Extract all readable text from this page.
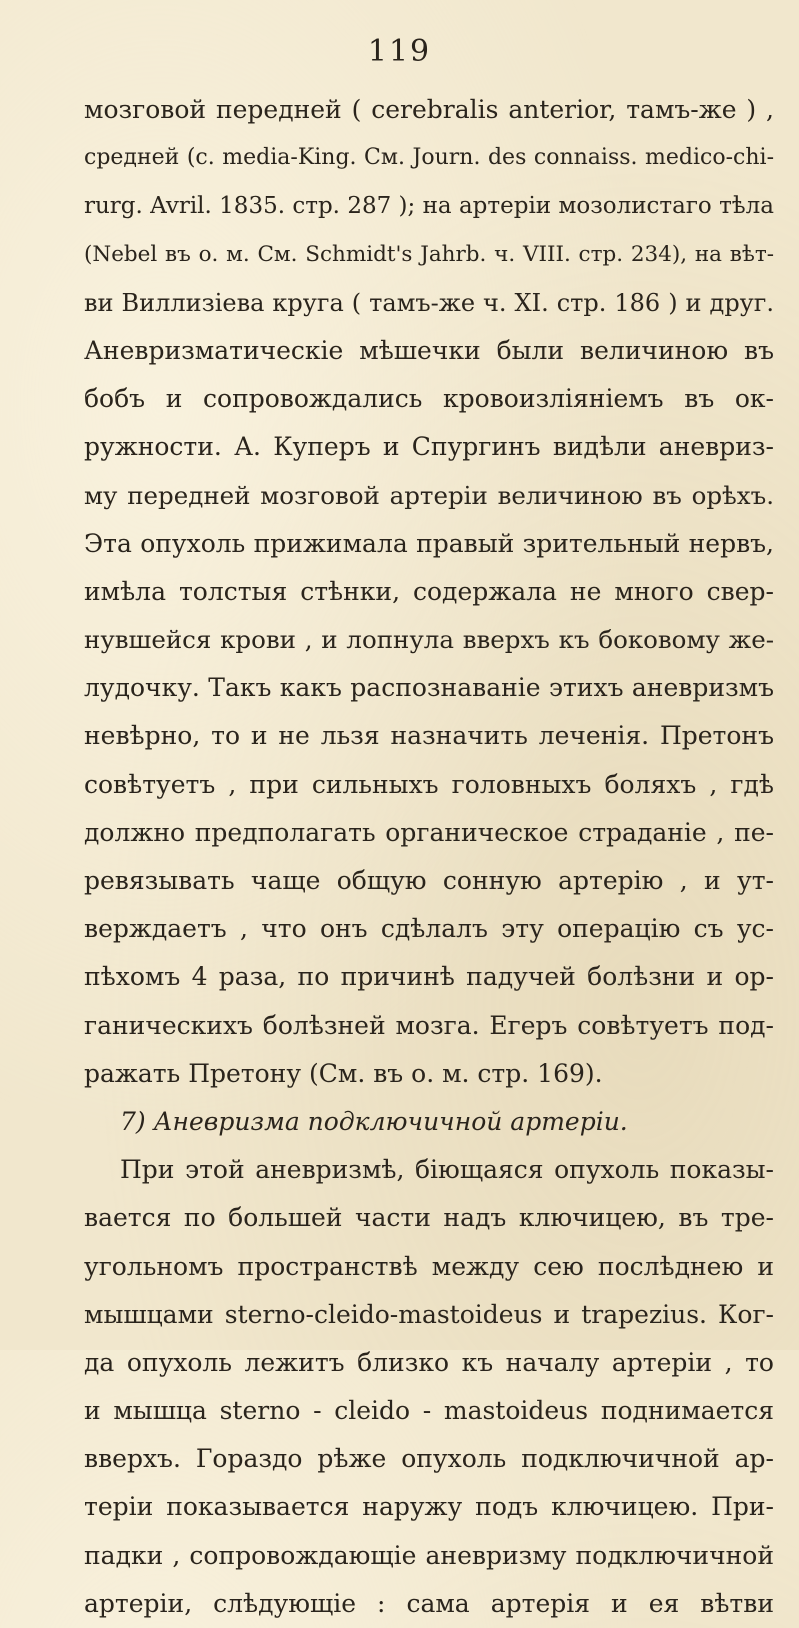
119
мозговой передней ( cerebralis anterior, тамъ-же ) ,
средней (c. media-King. См. Journ. des connaiss. medico-chi-
rurg. Avril. 1835. стр. 287 ); на артеріи мозолистаго тѣла
(Nebel въ о. м. См. Schmidt's Jahrb. ч. VIII. стр. 234), на вѣт-
ви Виллизіева круга ( тамъ-же ч. XI. стр. 186 ) и друг.
Аневризматическіе мѣшечки были величиною въ
бобъ и сопровождались кровоизліяніемъ въ ок-
ружности. А. Куперъ и Спургинъ видѣли аневриз-
му передней мозговой артеріи величиною въ орѣхъ.
Эта опухоль прижимала правый зрительный нервъ,
имѣла толстыя стѣнки, содержала не много свер-
нувшейся крови , и лопнула вверхъ къ боковому же-
лудочку. Такъ какъ распознаваніе этихъ аневризмъ
невѣрно, то и не льзя назначить леченія. Претонъ
совѣтуетъ , при сильныхъ головныхъ боляхъ , гдѣ
должно предполагать органическое страданіе , пе-
ревязывать чаще общую сонную артерію , и ут-
верждаетъ , что онъ сдѣлалъ эту операцію съ ус-
пѣхомъ 4 раза, по причинѣ падучей болѣзни и ор-
ганическихъ болѣзней мозга. Егеръ совѣтуетъ под-
ражать Претону (См. въ о. м. стр. 169).
7) Аневризма подключичной артеріи.
При этой аневризмѣ, біющаяся опухоль показы-
вается по большей части надъ ключицею, въ тре-
угольномъ пространствѣ между сею послѣднею и
мышцами sterno-cleido-mastoideus и trapezius. Ког-
да опухоль лежитъ близко къ началу артеріи , то
и мышца sterno - cleido - mastoideus поднимается
вверхъ. Гораздо рѣже опухоль подключичной ар-
теріи показывается наружу подъ ключицею. При-
падки , сопровождающіе аневризму подключичной
артеріи, слѣдующіе : сама артерія и ея вѣтви
